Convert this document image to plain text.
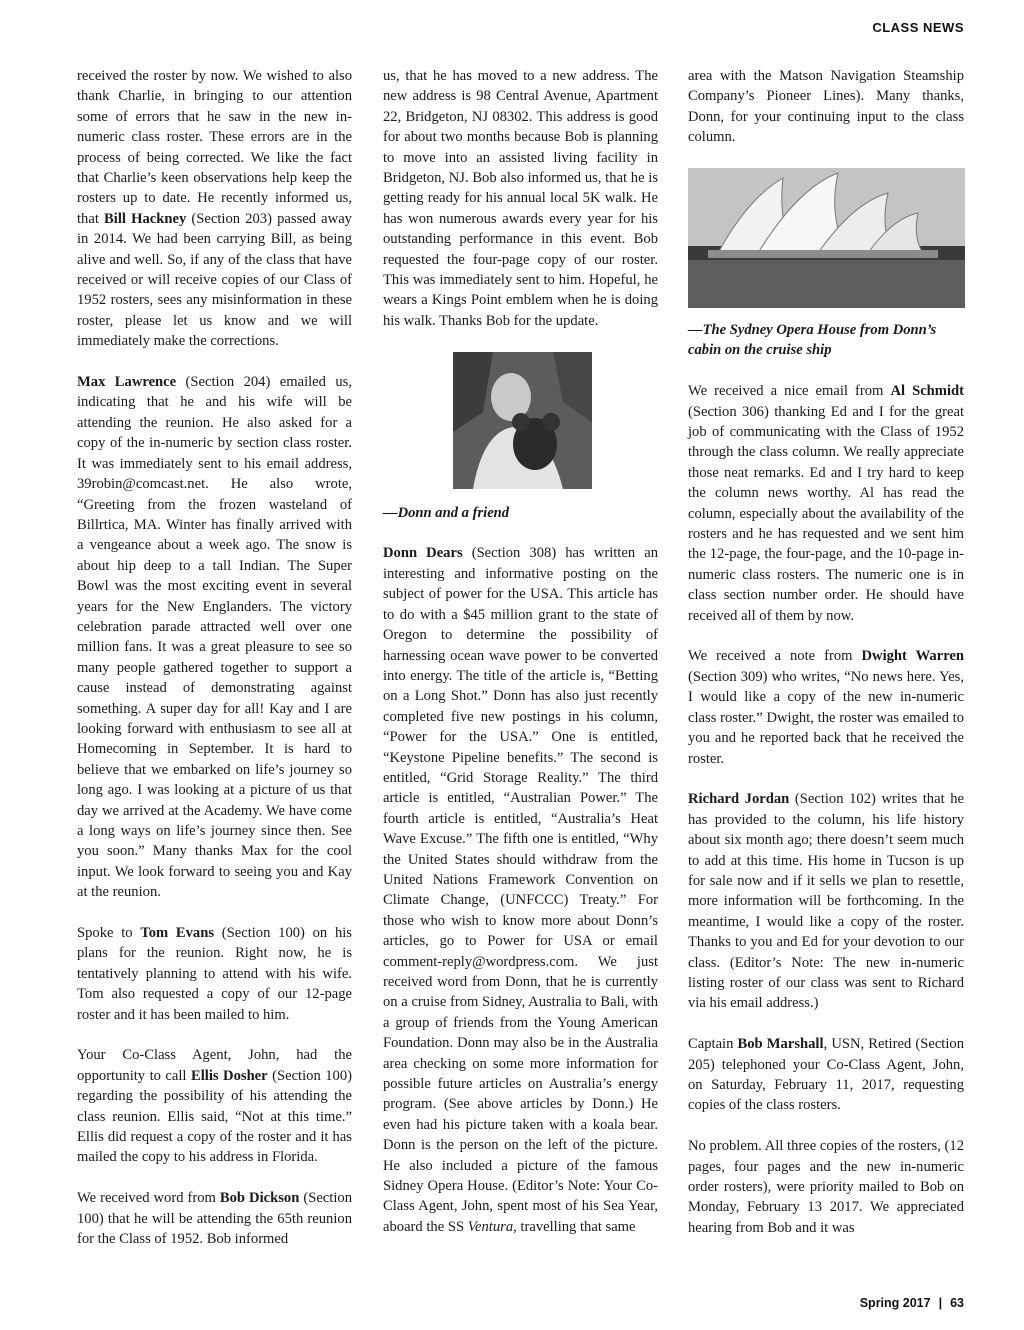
CLASS NEWS

received the roster by now. We wished to also thank Charlie, in bringing to our attention some of errors that he saw in the new in-numeric class roster. These errors are in the process of being corrected. We like the fact that Charlie’s keen observations help keep the rosters up to date. He recently informed us, that Bill Hackney (Section 203) passed away in 2014. We had been carrying Bill, as being alive and well. So, if any of the class that have received or will receive copies of our Class of 1952 rosters, sees any misinformation in these roster, please let us know and we will immediately make the corrections.

Max Lawrence (Section 204) emailed us, indicating that he and his wife will be attending the reunion. He also asked for a copy of the in-numeric by section class roster. It was immediately sent to his email address, 39robin@comcast.net. He also wrote, “Greeting from the frozen wasteland of Billrtica, MA. Winter has finally arrived with a vengeance about a week ago. The snow is about hip deep to a tall Indian. The Super Bowl was the most exciting event in several years for the New Englanders. The victory celebration parade attracted well over one million fans. It was a great pleasure to see so many people gathered together to support a cause instead of demonstrating against something. A super day for all! Kay and I are looking forward with enthusiasm to see all at Homecoming in September. It is hard to believe that we embarked on life’s journey so long ago. I was looking at a picture of us that day we arrived at the Academy. We have come a long ways on life’s journey since then. See you soon.” Many thanks Max for the cool input. We look forward to seeing you and Kay at the reunion.

Spoke to Tom Evans (Section 100) on his plans for the reunion. Right now, he is tentatively planning to attend with his wife. Tom also requested a copy of our 12-page roster and it has been mailed to him.

Your Co-Class Agent, John, had the opportunity to call Ellis Dosher (Section 100) regarding the possibility of his attending the class reunion. Ellis said, “Not at this time.” Ellis did request a copy of the roster and it has mailed the copy to his address in Florida.

We received word from Bob Dickson (Section 100) that he will be attending the 65th reunion for the Class of 1952. Bob informed

us, that he has moved to a new address. The new address is 98 Central Avenue, Apartment 22, Bridgeton, NJ 08302. This address is good for about two months because Bob is planning to move into an assisted living facility in Bridgeton, NJ. Bob also informed us, that he is getting ready for his annual local 5K walk. He has won numerous awards every year for his outstanding performance in this event. Bob requested the four-page copy of our roster. This was immediately sent to him. Hopeful, he wears a Kings Point emblem when he is doing his walk. Thanks Bob for the update.

—Donn and a friend

Donn Dears (Section 308) has written an interesting and informative posting on the subject of power for the USA. This article has to do with a $45 million grant to the state of Oregon to determine the possibility of harnessing ocean wave power to be converted into energy. The title of the article is, “Betting on a Long Shot.” Donn has also just recently completed five new postings in his column, “Power for the USA.” One is entitled, “Keystone Pipeline benefits.” The second is entitled, “Grid Storage Reality.” The third article is entitled, “Australian Power.” The fourth article is entitled, “Australia’s Heat Wave Excuse.” The fifth one is entitled, “Why the United States should withdraw from the United Nations Framework Convention on Climate Change, (UNFCCC) Treaty.” For those who wish to know more about Donn’s articles, go to Power for USA or email comment-reply@wordpress.com. We just received word from Donn, that he is currently on a cruise from Sidney, Australia to Bali, with a group of friends from the Young American Foundation. Donn may also be in the Australia area checking on some more information for possible future articles on Australia’s energy program. (See above articles by Donn.) He even had his picture taken with a koala bear. Donn is the person on the left of the picture. He also included a picture of the famous Sidney Opera House. (Editor’s Note: Your Co-Class Agent, John, spent most of his Sea Year, aboard the SS Ventura, travelling that same

area with the Matson Navigation Steamship Company’s Pioneer Lines). Many thanks, Donn, for your continuing input to the class column.

—The Sydney Opera House from Donn’s cabin on the cruise ship

We received a nice email from Al Schmidt (Section 306) thanking Ed and I for the great job of communicating with the Class of 1952 through the class column. We really appreciate those neat remarks. Ed and I try hard to keep the column news worthy. Al has read the column, especially about the availability of the rosters and he has requested and we sent him the 12-page, the four-page, and the 10-page in-numeric class rosters. The numeric one is in class section number order. He should have received all of them by now.

We received a note from Dwight Warren (Section 309) who writes, “No news here. Yes, I would like a copy of the new in-numeric class roster.” Dwight, the roster was emailed to you and he reported back that he received the roster.

Richard Jordan (Section 102) writes that he has provided to the column, his life history about six month ago; there doesn’t seem much to add at this time. His home in Tucson is up for sale now and if it sells we plan to resettle, more information will be forthcoming. In the meantime, I would like a copy of the roster. Thanks to you and Ed for your devotion to our class. (Editor’s Note: The new in-numeric listing roster of our class was sent to Richard via his email address.)

Captain Bob Marshall, USN, Retired (Section 205) telephoned your Co-Class Agent, John, on Saturday, February 11, 2017, requesting copies of the class rosters.

No problem. All three copies of the rosters, (12 pages, four pages and the new in-numeric order rosters), were priority mailed to Bob on Monday, February 13 2017. We appreciated hearing from Bob and it was

Spring 2017 | 63
